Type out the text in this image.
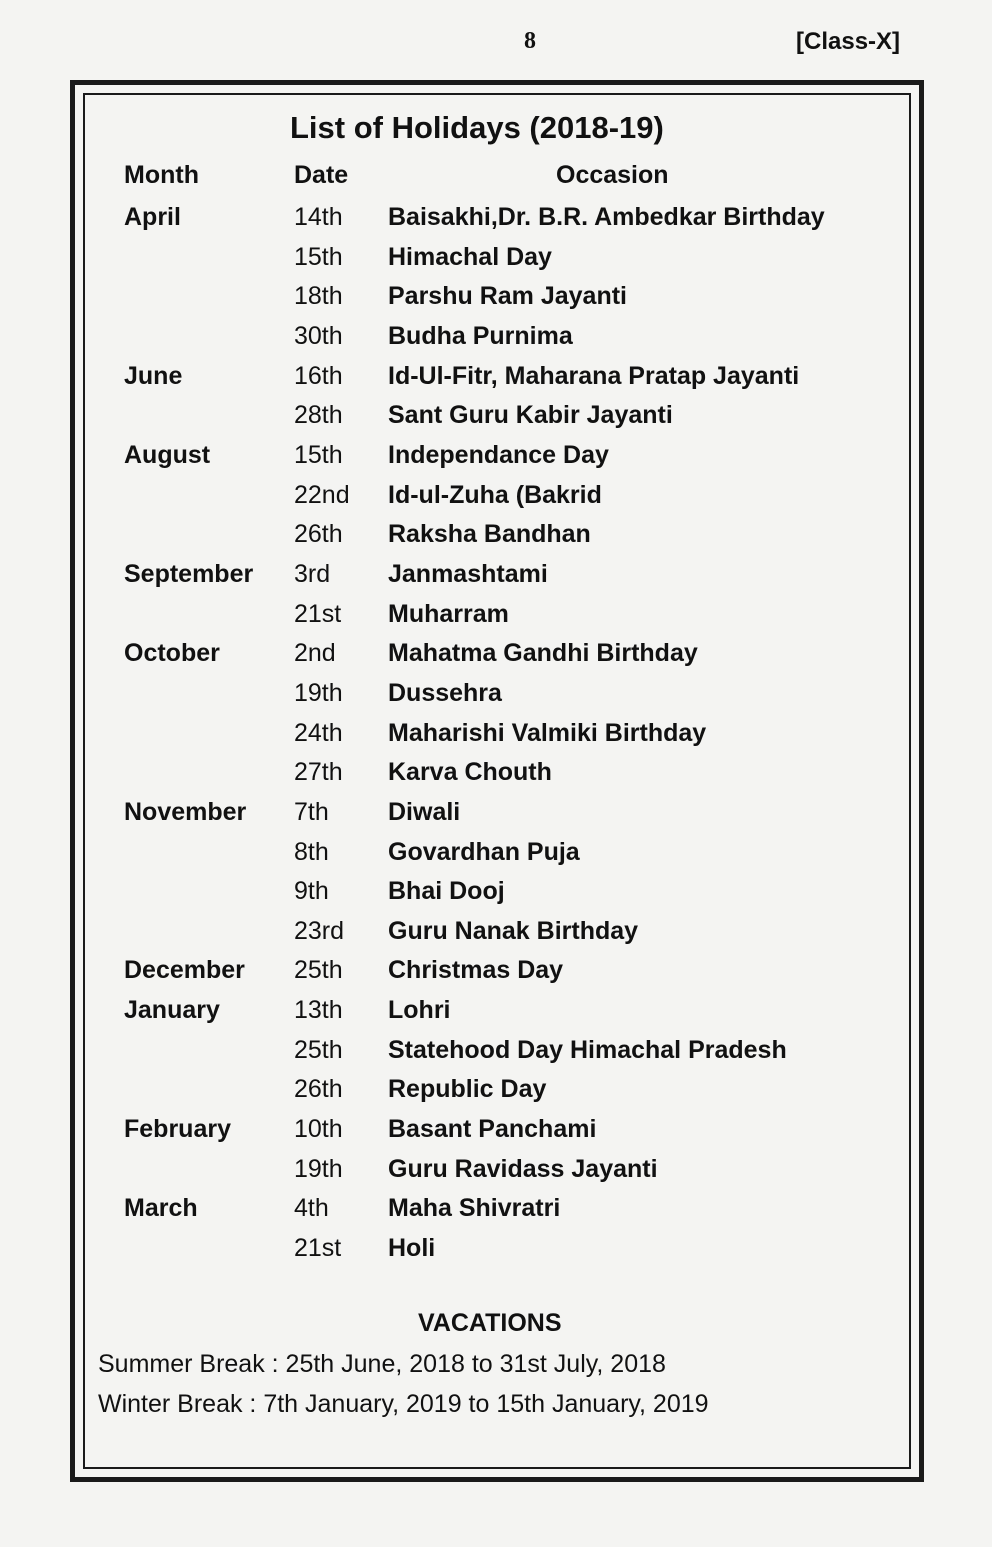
8	[Class-X]
List of Holidays (2018-19)
Month	Date	Occasion
April	14th Baisakhi,Dr. B.R. Ambedkar Birthday
15th Himachal Day
18th Parshu Ram Jayanti
30th Budha Purnima
June	16th Id-Ul-Fitr, Maharana Pratap Jayanti
28th Sant Guru Kabir Jayanti
August	15th Independance Day
22nd Id-ul-Zuha (Bakrid
26th Raksha Bandhan
September 3rd Janmashtami
21st Muharram
October	2nd Mahatma Gandhi Birthday
19th Dussehra
24th Maharishi Valmiki Birthday
27th Karva Chouth
November 7th Diwali
8th Govardhan Puja
9th Bhai Dooj
23rd Guru Nanak Birthday
December 25th Christmas Day
January	13th Lohri
25th Statehood Day Himachal Pradesh
26th Republic Day
February	10th Basant Panchami
19th Guru Ravidass Jayanti
March	4th Maha Shivratri
21st Holi
VACATIONS
Summer Break : 25th June, 2018 to 31st July, 2018
Winter Break : 7th January, 2019 to 15th January, 2019
